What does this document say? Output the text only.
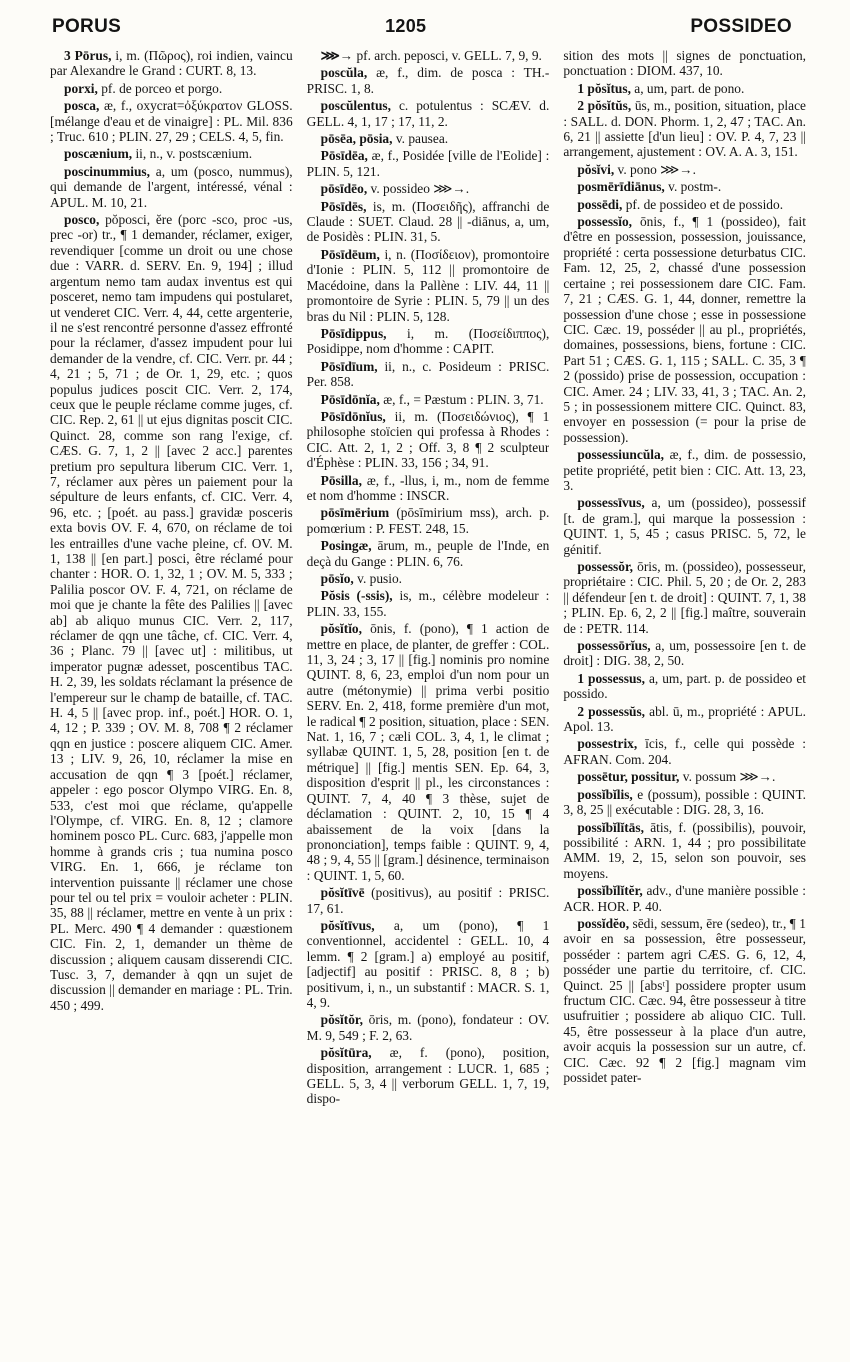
PORUS	1205	POSSIDEO

3 Pōrus, i, m. (Πῶρος), roi indien, vaincu par Alexandre le Grand : CURT. 8, 13.

porxi, pf. de porceo et porgo.

posca, æ, f., oxycrat=ὀξύκρατον GLOSS. [mélange d'eau et de vinaigre] : PL. Mil. 836 ; Truc. 610 ; PLIN. 27, 29 ; CELS. 4, 5, fin.

poscænium, ii, n., v. postscænium.

poscinummius, a, um (posco, nummus), qui demande de l'argent, intéressé, vénal : APUL. M. 10, 21.

posco, pŏposci, ĕre (porc -sco, proc -us, prec -or) tr., ¶ 1 demander, réclamer, exiger, revendiquer [comme un droit ou une chose due : VARR. d. SERV. En. 9, 194] ; illud argentum nemo tam audax inventus est qui posceret, nemo tam impudens qui postularet, ut venderet CIC. Verr. 4, 44, cette argenterie, il ne s'est rencontré personne d'assez effronté pour la réclamer, d'assez impudent pour lui demander de la vendre, cf. CIC. Verr. pr. 44 ; 4, 21 ; 5, 71 ; de Or. 1, 29, etc. ; quos populus judices poscit CIC. Verr. 2, 174, ceux que le peuple réclame comme juges, cf. CIC. Rep. 2, 61 || ut ejus dignitas poscit CIC. Quinct. 28, comme son rang l'exige, cf. CÆS. G. 7, 1, 2 || [avec 2 acc.] parentes pretium pro sepultura liberum CIC. Verr. 1, 7, réclamer aux pères un paiement pour la sépulture de leurs enfants, cf. CIC. Verr. 4, 96, etc. ; [poét. au pass.] gravidæ posceris exta bovis OV. F. 4, 670, on réclame de toi les entrailles d'une vache pleine, cf. OV. M. 1, 138 || [en part.] posci, être réclamé pour chanter : HOR. O. 1, 32, 1 ; OV. M. 5, 333 ; Palilia poscor OV. F. 4, 721, on réclame de moi que je chante la fête des Palilies || [avec ab] ab aliquo munus CIC. Verr. 2, 117, réclamer de qqn une tâche, cf. CIC. Verr. 4, 36 ; Planc. 79 || [avec ut] : militibus, ut imperator pugnæ adesset, poscentibus TAC. H. 2, 39, les soldats réclamant la présence de l'empereur sur le champ de bataille, cf. TAC. H. 4, 5 || [avec prop. inf., poét.] HOR. O. 1, 4, 12 ; P. 339 ; OV. M. 8, 708 ¶ 2 réclamer qqn en justice : poscere aliquem CIC. Amer. 13 ; LIV. 9, 26, 10, réclamer la mise en accusation de qqn ¶ 3 [poét.] réclamer, appeler : ego poscor Olympo VIRG. En. 8, 533, c'est moi que réclame, qu'appelle l'Olympe, cf. VIRG. En. 8, 12 ; clamore hominem posco PL. Curc. 683, j'appelle mon homme à grands cris ; tua numina posco VIRG. En. 1, 666, je réclame ton intervention puissante || réclamer une chose pour tel ou tel prix = vouloir acheter : PLIN. 35, 88 || réclamer, mettre en vente à un prix : PL. Merc. 490 ¶ 4 demander : quæstionem CIC. Fin. 2, 1, demander un thème de discussion ; aliquem causam disserendi CIC. Tusc. 3, 7, demander à qqn un sujet de discussion || demander en mariage : PL. Trin. 450 ; 499.

⋙→ pf. arch. peposci, v. GELL. 7, 9, 9.

poscŭla, æ, f., dim. de posca : TH.-PRISC. 1, 8.

poscŭlentus, c. potulentus : SCÆV. d. GELL. 4, 1, 17 ; 17, 11, 2.

pōsēa, pōsia, v. pausea.

Pōsīdēa, æ, f., Posidée [ville de l'Eolide] : PLIN. 5, 121.

pōsīdēo, v. possideo ⋙→.

Pōsīdēs, is, m. (Ποσειδῆς), affranchi de Claude : SUET. Claud. 28 || -diānus, a, um, de Posidès : PLIN. 31, 5.

Pōsīdēum, i, n. (Ποσίδειον), promontoire d'Ionie : PLIN. 5, 112 || promontoire de Macédoine, dans la Pallène : LIV. 44, 11 || promontoire de Syrie : PLIN. 5, 79 || un des bras du Nil : PLIN. 5, 128.

Pōsīdippus, i, m. (Ποσείδιππος), Posidippe, nom d'homme : CAPIT.

Pōsīdīum, ii, n., c. Posideum : PRISC. Per. 858.

Pōsīdōnĭa, æ, f., = Pæstum : PLIN. 3, 71.

Pōsīdōnĭus, ii, m. (Ποσειδώνιος), ¶ 1 philosophe stoïcien qui professa à Rhodes : CIC. Att. 2, 1, 2 ; Off. 3, 8 ¶ 2 sculpteur d'Éphèse : PLIN. 33, 156 ; 34, 91.

Pōsilla, æ, f., -llus, i, m., nom de femme et nom d'homme : INSCR.

pōsīmērium (pōsīmirium mss), arch. p. pomœrium : P. FEST. 248, 15.

Posingæ, ārum, m., peuple de l'Inde, en deçà du Gange : PLIN. 6, 76.

pōsĭo, v. pusio.

Pŏsis (-ssis), is, m., célèbre modeleur : PLIN. 33, 155.

pŏsĭtĭo, ōnis, f. (pono), ¶ 1 action de mettre en place, de planter, de greffer : COL. 11, 3, 24 ; 3, 17 || [fig.] nominis pro nomine QUINT. 8, 6, 23, emploi d'un nom pour un autre (métonymie) || prima verbi positio SERV. En. 2, 418, forme première d'un mot, le radical ¶ 2 position, situation, place : SEN. Nat. 1, 16, 7 ; cæli COL. 3, 4, 1, le climat ; syllabæ QUINT. 1, 5, 28, position [en t. de métrique] || [fig.] mentis SEN. Ep. 64, 3, disposition d'esprit || pl., les circonstances : QUINT. 7, 4, 40 ¶ 3 thèse, sujet de déclamation : QUINT. 2, 10, 15 ¶ 4 abaissement de la voix [dans la prononciation], temps faible : QUINT. 9, 4, 48 ; 9, 4, 55 || [gram.] désinence, terminaison : QUINT. 1, 5, 60.

pŏsĭtīvē (positivus), au positif : PRISC. 17, 61.

pŏsĭtīvus, a, um (pono), ¶ 1 conventionnel, accidentel : GELL. 10, 4 lemm. ¶ 2 [gram.] a) employé au positif, [adjectif] au positif : PRISC. 8, 8 ; b) positivum, i, n., un substantif : MACR. S. 1, 4, 9.

pŏsĭtŏr, ōris, m. (pono), fondateur : OV. M. 9, 549 ; F. 2, 63.

pŏsĭtūra, æ, f. (pono), position, disposition, arrangement : LUCR. 1, 685 ; GELL. 5, 3, 4 || verborum GELL. 1, 7, 19, dispo-

sition des mots || signes de ponctuation, ponctuation : DIOM. 437, 10.

1 pŏsĭtus, a, um, part. de pono.

2 pŏsĭtŭs, ūs, m., position, situation, place : SALL. d. DON. Phorm. 1, 2, 47 ; TAC. An. 6, 21 || assiette [d'un lieu] : OV. P. 4, 7, 23 || arrangement, ajustement : OV. A. A. 3, 151.

pŏsĭvi, v. pono ⋙→.

posmērīdiānus, v. postm-.

possēdi, pf. de possideo et de possido.

possessĭo, ōnis, f., ¶ 1 (possideo), fait d'être en possession, possession, jouissance, propriété : certa possessione deturbatus CIC. Fam. 12, 25, 2, chassé d'une possession certaine ; rei possessionem dare CIC. Fam. 7, 21 ; CÆS. G. 1, 44, donner, remettre la possession d'une chose ; esse in possessione CIC. Cæc. 19, posséder || au pl., propriétés, domaines, possessions, biens, fortune : CIC. Part 51 ; CÆS. G. 1, 115 ; SALL. C. 35, 3 ¶ 2 (possido) prise de possession, occupation : CIC. Amer. 24 ; LIV. 33, 41, 3 ; TAC. An. 2, 5 ; in possessionem mittere CIC. Quinct. 83, envoyer en possession (= pour la prise de possession).

possessiuncŭla, æ, f., dim. de possessio, petite propriété, petit bien : CIC. Att. 13, 23, 3.

possessīvus, a, um (possideo), possessif [t. de gram.], qui marque la possession : QUINT. 1, 5, 45 ; casus PRISC. 5, 72, le génitif.

possessŏr, ōris, m. (possideo), possesseur, propriétaire : CIC. Phil. 5, 20 ; de Or. 2, 283 || défendeur [en t. de droit] : QUINT. 7, 1, 38 ; PLIN. Ep. 6, 2, 2 || [fig.] maître, souverain de : PETR. 114.

possessōrĭus, a, um, possessoire [en t. de droit] : DIG. 38, 2, 50.

1 possessus, a, um, part. p. de possideo et possido.

2 possessŭs, abl. ū, m., propriété : APUL. Apol. 13.

possestrix, īcis, f., celle qui possède : AFRAN. Com. 204.

possētur, possitur, v. possum ⋙→.

possĭbĭlis, e (possum), possible : QUINT. 3, 8, 25 || exécutable : DIG. 28, 3, 16.

possĭbĭlĭtās, ātis, f. (possibilis), pouvoir, possibilité : ARN. 1, 44 ; pro possibilitate AMM. 19, 2, 15, selon son pouvoir, ses moyens.

possĭbĭlĭtĕr, adv., d'une manière possible : ACR. HOR. P. 40.

possĭdĕo, sēdi, sessum, ēre (sedeo), tr., ¶ 1 avoir en sa possession, être possesseur, posséder : partem agri CÆS. G. 6, 12, 4, posséder une partie du territoire, cf. CIC. Quinct. 25 || [absᵗ] possidere propter usum fructum CIC. Cæc. 94, être possesseur à titre usufruitier ; possidere ab aliquo CIC. Tull. 45, être possesseur à la place d'un autre, avoir acquis la possession sur un autre, cf. CIC. Cæc. 92 ¶ 2 [fig.] magnam vim possidet pater-
